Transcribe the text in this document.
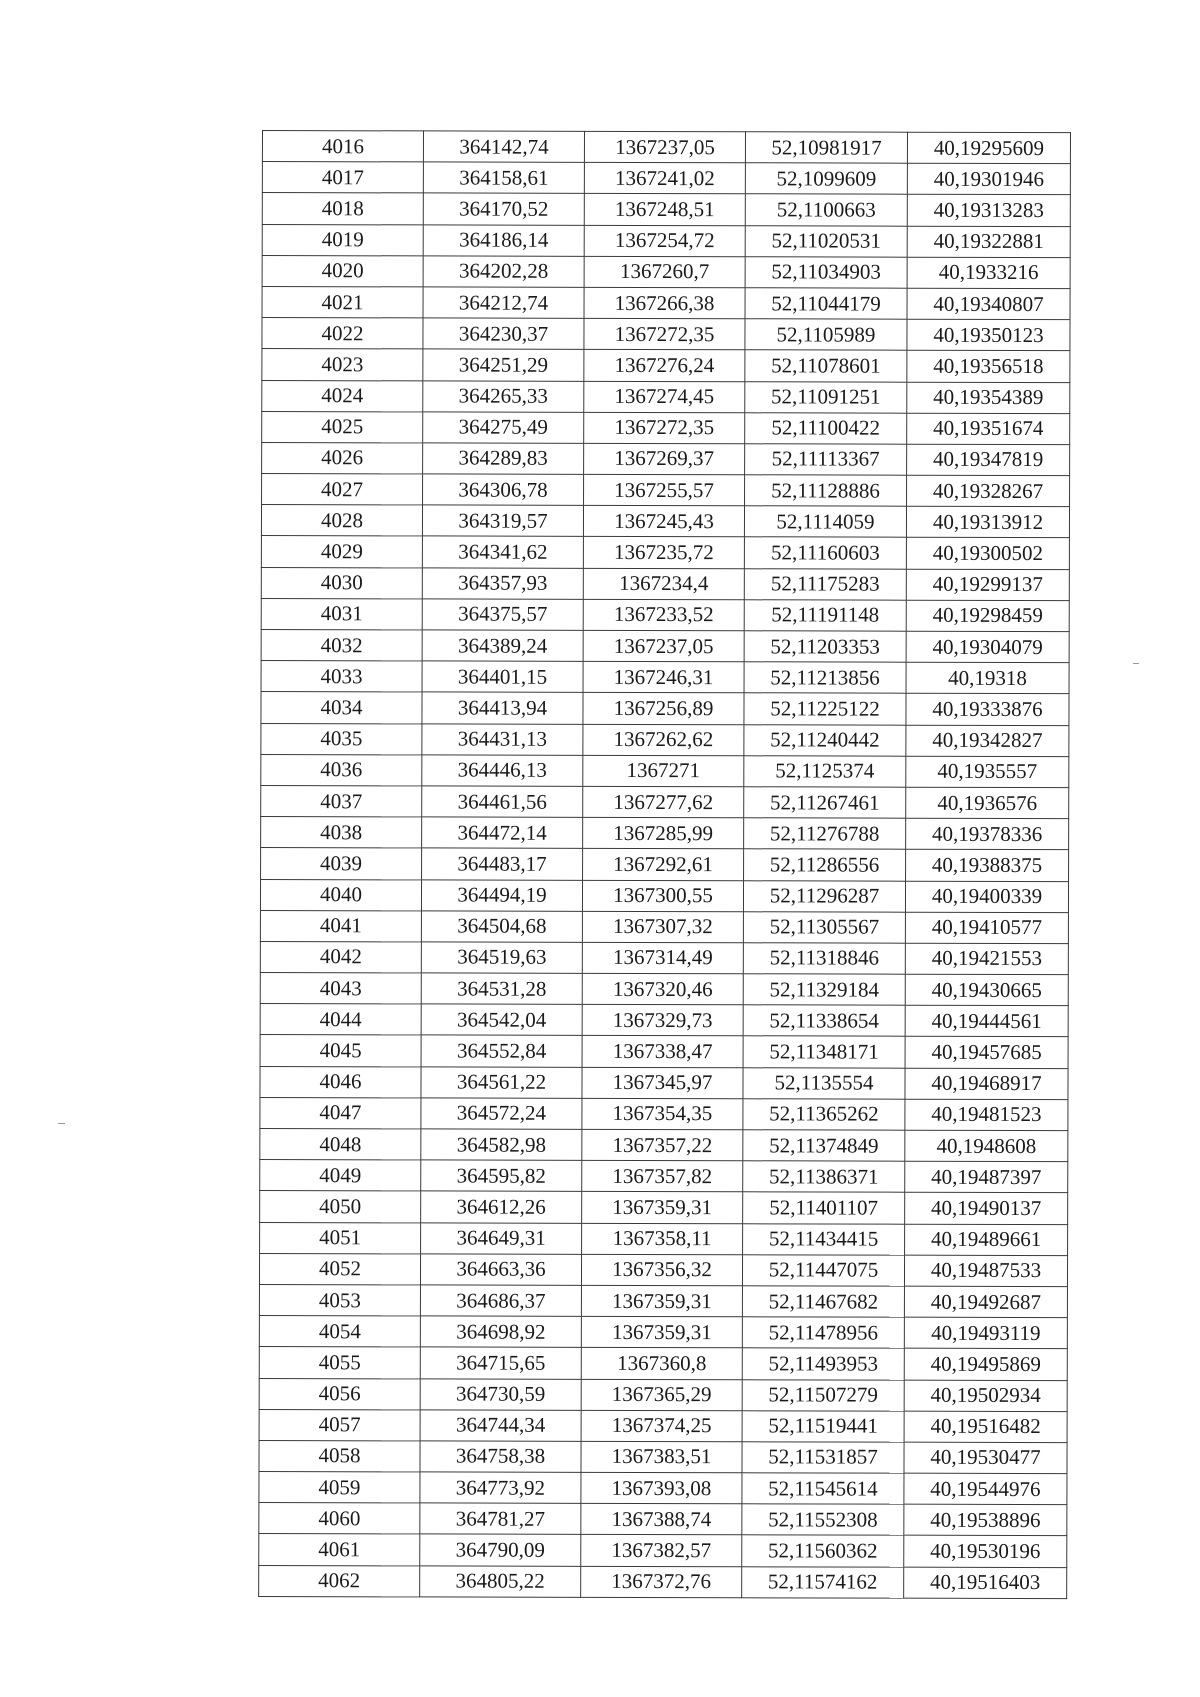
4016	364142,74	1367237,05	52,10981917	40,19295609
4017	364158,61	1367241,02	52,1099609	40,19301946
4018	364170,52	1367248,51	52,1100663	40,19313283
4019	364186,14	1367254,72	52,11020531	40,19322881
4020	364202,28	1367260,7	52,11034903	40,1933216
4021	364212,74	1367266,38	52,11044179	40,19340807
4022	364230,37	1367272,35	52,1105989	40,19350123
4023	364251,29	1367276,24	52,11078601	40,19356518
4024	364265,33	1367274,45	52,11091251	40,19354389
4025	364275,49	1367272,35	52,11100422	40,19351674
4026	364289,83	1367269,37	52,11113367	40,19347819
4027	364306,78	1367255,57	52,11128886	40,19328267
4028	364319,57	1367245,43	52,1114059	40,19313912
4029	364341,62	1367235,72	52,11160603	40,19300502
4030	364357,93	1367234,4	52,11175283	40,19299137
4031	364375,57	1367233,52	52,11191148	40,19298459
4032	364389,24	1367237,05	52,11203353	40,19304079
4033	364401,15	1367246,31	52,11213856	40,19318
4034	364413,94	1367256,89	52,11225122	40,19333876
4035	364431,13	1367262,62	52,11240442	40,19342827
4036	364446,13	1367271	52,1125374	40,1935557
4037	364461,56	1367277,62	52,11267461	40,1936576
4038	364472,14	1367285,99	52,11276788	40,19378336
4039	364483,17	1367292,61	52,11286556	40,19388375
4040	364494,19	1367300,55	52,11296287	40,19400339
4041	364504,68	1367307,32	52,11305567	40,19410577
4042	364519,63	1367314,49	52,11318846	40,19421553
4043	364531,28	1367320,46	52,11329184	40,19430665
4044	364542,04	1367329,73	52,11338654	40,19444561
4045	364552,84	1367338,47	52,11348171	40,19457685
4046	364561,22	1367345,97	52,1135554	40,19468917
4047	364572,24	1367354,35	52,11365262	40,19481523
4048	364582,98	1367357,22	52,11374849	40,1948608
4049	364595,82	1367357,82	52,11386371	40,19487397
4050	364612,26	1367359,31	52,11401107	40,19490137
4051	364649,31	1367358,11	52,11434415	40,19489661
4052	364663,36	1367356,32	52,11447075	40,19487533
4053	364686,37	1367359,31	52,11467682	40,19492687
4054	364698,92	1367359,31	52,11478956	40,19493119
4055	364715,65	1367360,8	52,11493953	40,19495869
4056	364730,59	1367365,29	52,11507279	40,19502934
4057	364744,34	1367374,25	52,11519441	40,19516482
4058	364758,38	1367383,51	52,11531857	40,19530477
4059	364773,92	1367393,08	52,11545614	40,19544976
4060	364781,27	1367388,74	52,11552308	40,19538896
4061	364790,09	1367382,57	52,11560362	40,19530196
4062	364805,22	1367372,76	52,11574162	40,19516403
